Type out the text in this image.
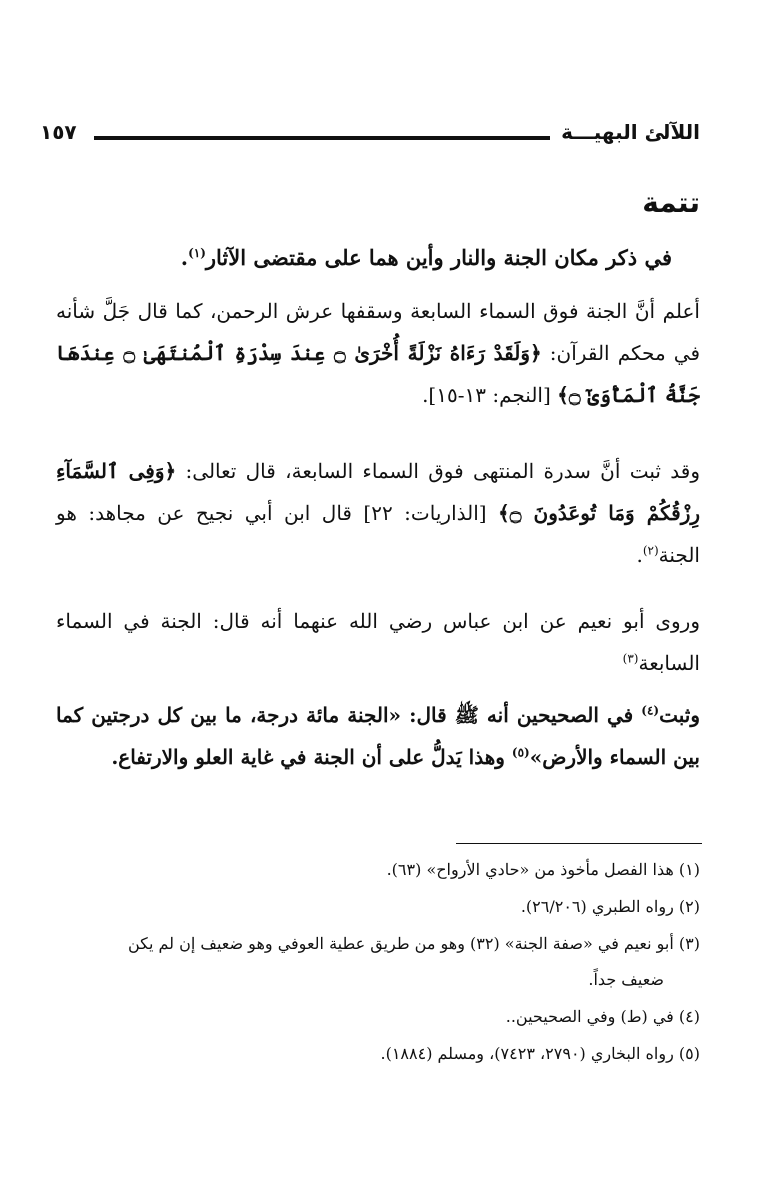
اللآلئ البهيـــة
١٥٧
تتمة
في ذكر مكان الجنة والنار وأين هما على مقتضى الآثار$^{(١)}$.
أعلم أنَّ الجنة فوق السماء السابعة وسقفها عرش الرحمن، كما قال جَلَّ شأنه في محكم القرآن: ﴿وَلَقَدْ رَءَاهُ نَزْلَةً أُخْرَىٰ ۝ عِندَ سِدْرَةِ ٱلْمُنتَهَىٰ ۝ عِندَهَا جَنَّةُ ٱلْمَأْوَىٰٓ ۝﴾ [النجم: ١٣-١٥].
وقد ثبت أنَّ سدرة المنتهى فوق السماء السابعة، قال تعالى: ﴿وَفِى ٱلسَّمَآءِ رِزْقُكُمْ وَمَا تُوعَدُونَ ۝﴾ [الذاريات: ٢٢] قال ابن أبي نجيح عن مجاهد: هو الجنة$^{(٢)}$.
وروى أبو نعيم عن ابن عباس رضي الله عنهما أنه قال: الجنة في السماء السابعة$^{(٣)}$
وثبت$^{(٤)}$ في الصحيحين أنه ﷺ قال: «الجنة مائة درجة، ما بين كل درجتين كما بين السماء والأرض»$^{(٥)}$ وهذا يَدلُّ على أن الجنة في غاية العلو والارتفاع.
(١) هذا الفصل مأخوذ من «حادي الأرواح» (٦٣).
(٢) رواه الطبري (٢٦/٢٠٦).
(٣) أبو نعيم في «صفة الجنة» (٣٢) وهو من طريق عطية العوفي وهو ضعيف إن لم يكن
ضعيف جداً.
(٤) في (ط) وفي الصحيحين..
(٥) رواه البخاري (٢٧٩٠، ٧٤٢٣)، ومسلم (١٨٨٤).
